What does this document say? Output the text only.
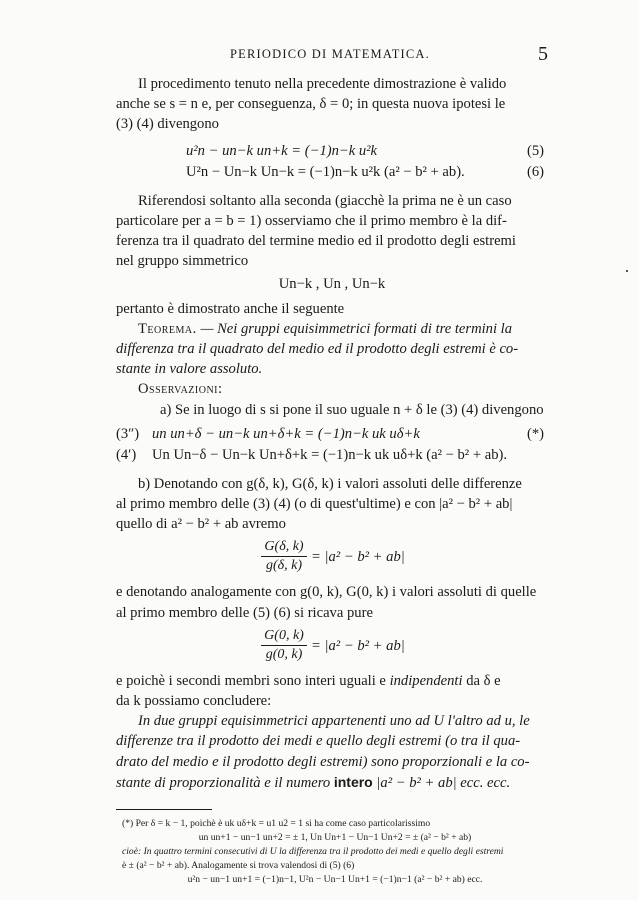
PERIODICO DI MATEMATICA.	5

Il procedimento tenuto nella precedente dimostrazione è valido

anche se s = n e, per conseguenza, δ = 0; in questa nuova ipotesi le

(3) (4) divengono

u²n − un−k un+k = (−1)n−k u²k	(5)
U²n − Un−k Un−k = (−1)n−k u²k (a² − b² + ab).	(6)

Riferendosi soltanto alla seconda (giacchè la prima ne è un caso

particolare per a = b = 1) osserviamo che il primo membro è la dif-

ferenza tra il quadrato del termine medio ed il prodotto degli estremi

nel gruppo simmetrico

Un−k , Un , Un−k

pertanto è dimostrato anche il seguente

Teorema. — Nei gruppi equisimmetrici formati di tre termini la

differenza tra il quadrato del medio ed il prodotto degli estremi è co-

stante in valore assoluto.

Osservazioni:

a) Se in luogo di s si pone il suo uguale n + δ le (3) (4) divengono

(3″) un un+δ − un−k un+δ+k = (−1)n−k uk uδ+k	(*)
(4′) Un Un−δ − Un−k Un+δ+k = (−1)n−k uk uδ+k (a² − b² + ab).

b) Denotando con g(δ, k), G(δ, k) i valori assoluti delle differenze

al primo membro delle (3) (4) (o di quest'ultime) e con |a² − b² + ab|

quello di a² − b² + ab avremo

G(δ, k)
g(δ, k)
= |a² − b² + ab|

e denotando analogamente con g(0, k), G(0, k) i valori assoluti di quelle

al primo membro delle (5) (6) si ricava pure

G(0, k)
g(0, k)
= |a² − b² + ab|

e poichè i secondi membri sono interi uguali e indipendenti da δ e

da k possiamo concludere:

In due gruppi equisimmetrici appartenenti uno ad U l'altro ad u, le

differenze tra il prodotto dei medi e quello degli estremi (o tra il qua-

drato del medio e il prodotto degli estremi) sono proporzionali e la co-

stante di proporzionalità e il numero intero |a² − b² + ab| ecc. ecc.

(*) Per δ = k − 1, poichè è uk uδ+k = u1 u2 = 1 si ha come caso particolarissimo

un un+1 − un−1 un+2 = ± 1, Un Un+1 − Un−1 Un+2 = ± (a² − b² + ab)

cioè: In quattro termini consecutivi di U la differenza tra il prodotto dei medi e quello degli estremi

è ± (a² − b² + ab). Analogamente si trova valendosi di (5) (6)

u²n − un−1 un+1 = (−1)n−1, U²n − Un−1 Un+1 = (−1)n−1 (a² − b² + ab) ecc.
